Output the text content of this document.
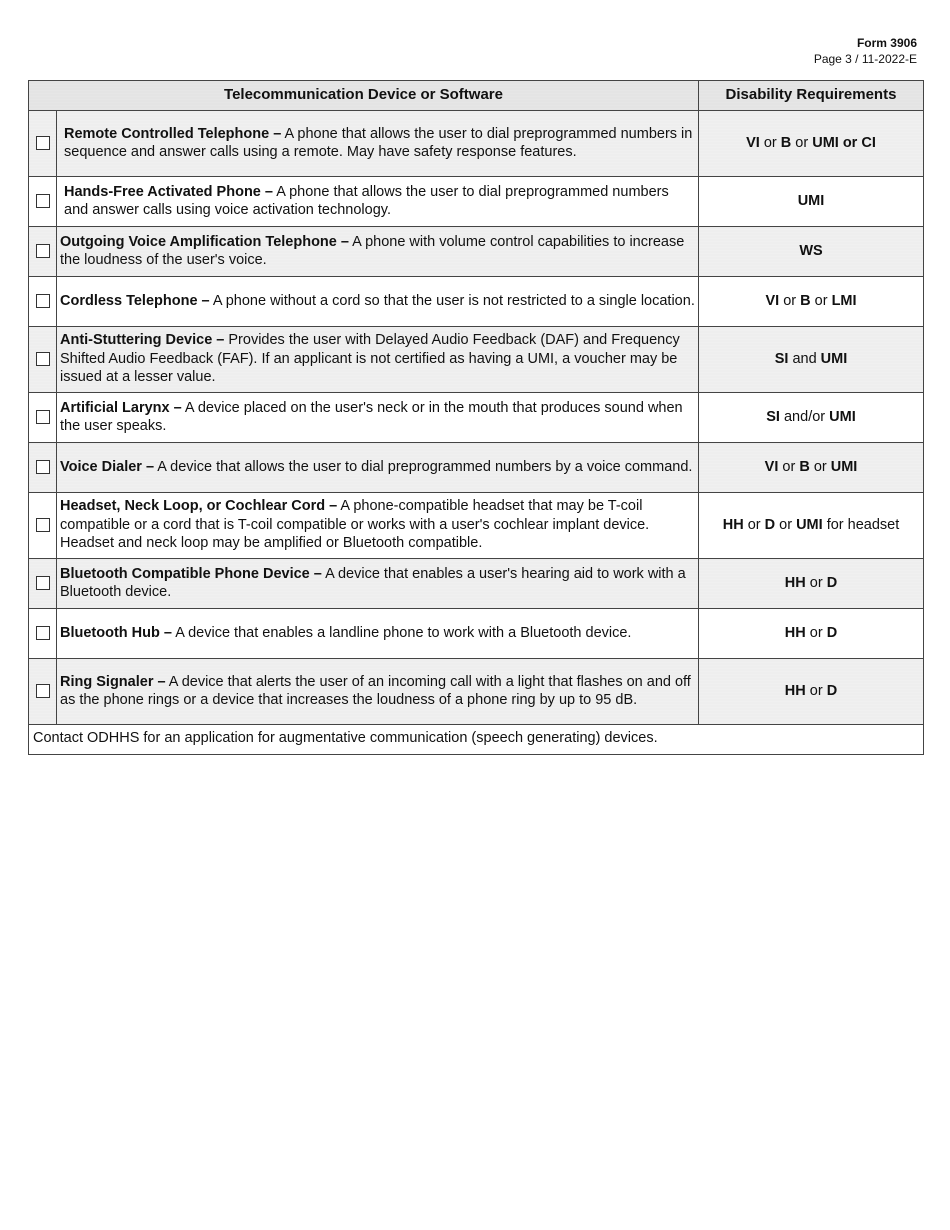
Form 3906
Page 3 / 11-2022-E
Telecommunication Device or Software		Disability Requirements
	Remote Controlled Telephone – A phone that allows the user to dial preprogrammed numbers in sequence and answer calls using a remote. May have safety response features.	VI or B or UMI or CI
	Hands-Free Activated Phone – A phone that allows the user to dial preprogrammed numbers and answer calls using voice activation technology.	UMI
	Outgoing Voice Amplification Telephone – A phone with volume control capabilities to increase the loudness of the user's voice.	WS
	Cordless Telephone – A phone without a cord so that the user is not restricted to a single location.	VI or B or LMI
	Anti-Stuttering Device – Provides the user with Delayed Audio Feedback (DAF) and Frequency Shifted Audio Feedback (FAF). If an applicant is not certified as having a UMI, a voucher may be issued at a lesser value.	SI and UMI
	Artificial Larynx – A device placed on the user's neck or in the mouth that produces sound when the user speaks.	SI and/or UMI
	Voice Dialer – A device that allows the user to dial preprogrammed numbers by a voice command.	VI or B or UMI
	Headset, Neck Loop, or Cochlear Cord – A phone-compatible headset that may be T-coil compatible or a cord that is T-coil compatible or works with a user's cochlear implant device. Headset and neck loop may be amplified or Bluetooth compatible.	HH or D or UMI for headset
	Bluetooth Compatible Phone Device – A device that enables a user's hearing aid to work with a Bluetooth device.	HH or D
	Bluetooth Hub – A device that enables a landline phone to work with a Bluetooth device.	HH or D
	Ring Signaler – A device that alerts the user of an incoming call with a light that flashes on and off as the phone rings or a device that increases the loudness of a phone ring by up to 95 dB.	HH or D
Contact ODHHS for an application for augmentative communication (speech generating) devices.		
